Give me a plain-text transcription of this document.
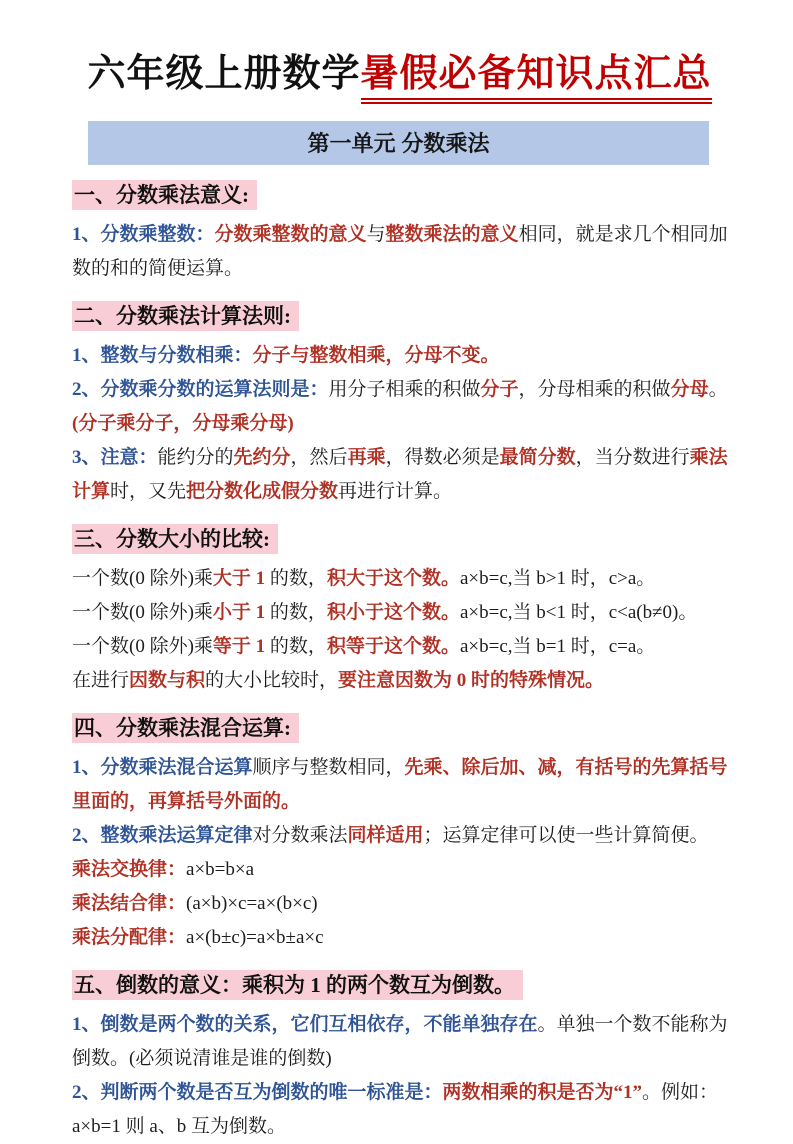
六年级上册数学暑假必备知识点汇总
第一单元 分数乘法
一、分数乘法意义:
1、分数乘整数：分数乘整数的意义与整数乘法的意义相同，就是求几个相同加
数的和的简便运算。
二、分数乘法计算法则:
1、整数与分数相乘：分子与整数相乘，分母不变。
2、分数乘分数的运算法则是：用分子相乘的积做分子，分母相乘的积做分母。
(分子乘分子，分母乘分母)
3、注意：能约分的先约分，然后再乘，得数必须是最简分数，当分数进行乘法
计算时，又先把分数化成假分数再进行计算。
三、分数大小的比较:
一个数(0 除外)乘大于 1 的数，积大于这个数。a×b=c,当 b>1 时，c>a。
一个数(0 除外)乘小于 1 的数，积小于这个数。a×b=c,当 b<1 时，c<a(b≠0)。
一个数(0 除外)乘等于 1 的数，积等于这个数。a×b=c,当 b=1 时，c=a。
在进行因数与积的大小比较时，要注意因数为 0 时的特殊情况。
四、分数乘法混合运算:
1、分数乘法混合运算顺序与整数相同，先乘、除后加、减，有括号的先算括号
里面的，再算括号外面的。
2、整数乘法运算定律对分数乘法同样适用；运算定律可以使一些计算简便。
乘法交换律：a×b=b×a
乘法结合律：(a×b)×c=a×(b×c)
乘法分配律：a×(b±c)=a×b±a×c
五、倒数的意义：乘积为 1 的两个数互为倒数。
1、倒数是两个数的关系，它们互相依存，不能单独存在。单独一个数不能称为
倒数。(必须说清谁是谁的倒数)
2、判断两个数是否互为倒数的唯一标准是：两数相乘的积是否为“1”。例如：
a×b=1 则 a、b 互为倒数。
